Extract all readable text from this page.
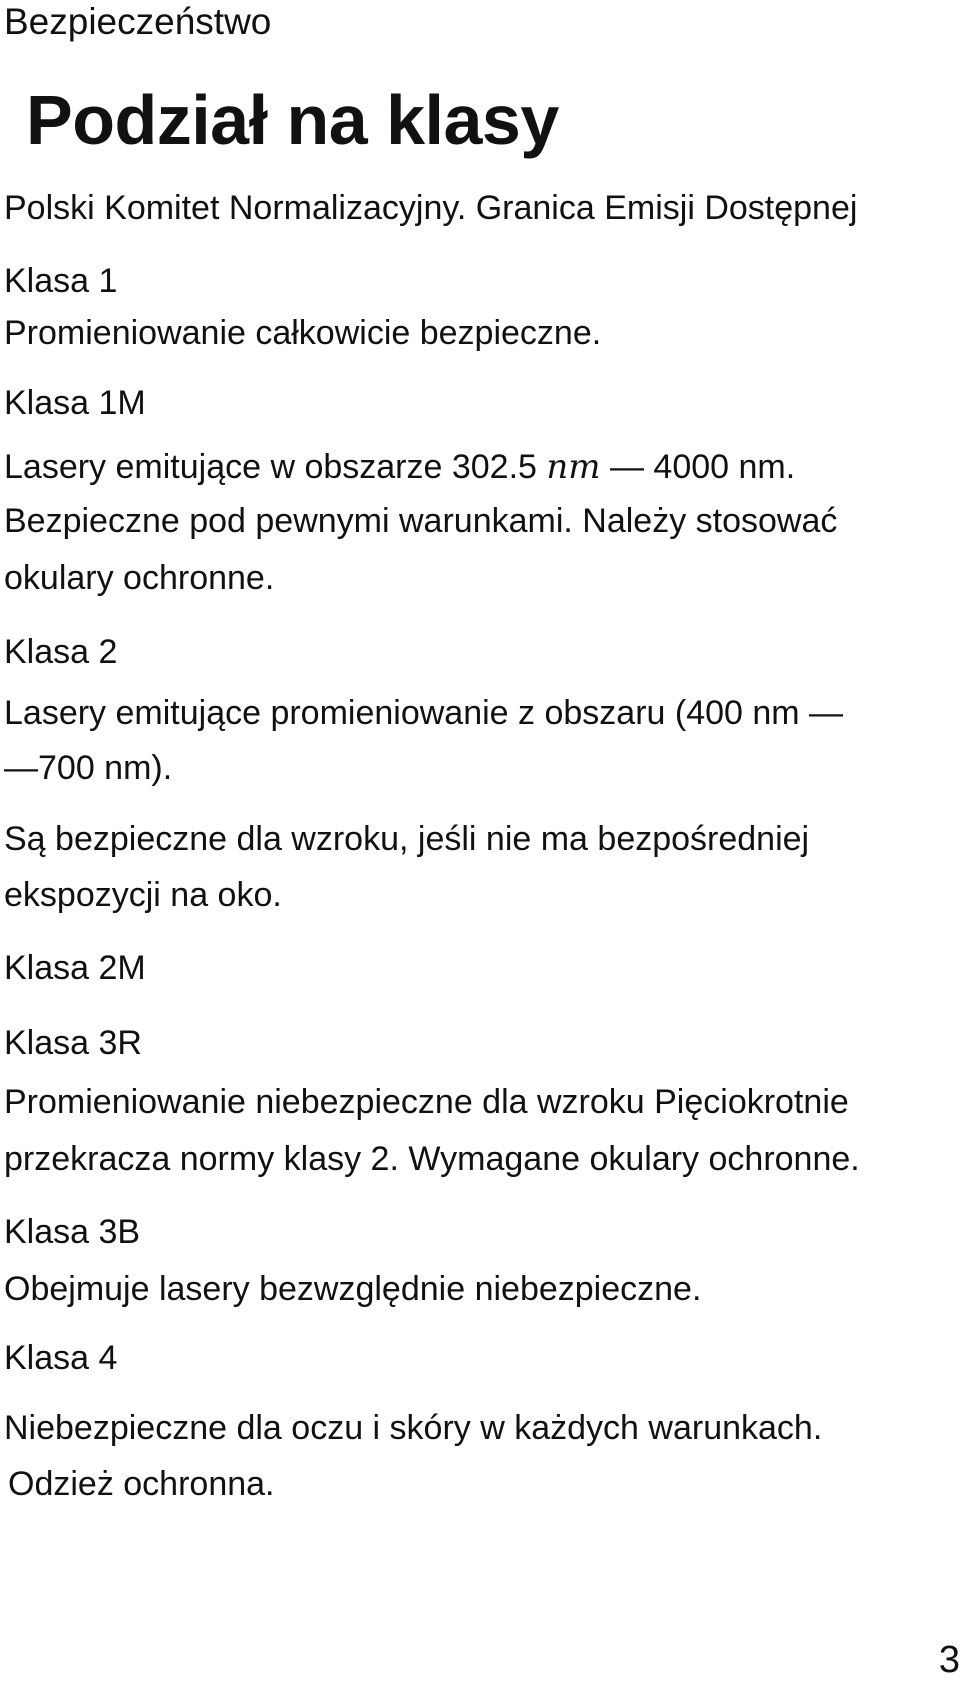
Bezpieczeństwo
Podział na klasy
Polski Komitet Normalizacyjny. Granica Emisji Dostępnej
Klasa 1
Promieniowanie całkowicie bezpieczne.
Klasa 1M
Lasery emitujące w obszarze 302.5 nm — 4000 nm.
Bezpieczne pod pewnymi warunkami. Należy stosować
okulary ochronne.
Klasa 2
Lasery emitujące promieniowanie z obszaru (400 nm —
—700 nm).
Są bezpieczne dla wzroku, jeśli nie ma bezpośredniej
ekspozycji na oko.
Klasa 2M
Klasa 3R
Promieniowanie niebezpieczne dla wzroku Pięciokrotnie
przekracza normy klasy 2. Wymagane okulary ochronne.
Klasa 3B
Obejmuje lasery bezwzględnie niebezpieczne.
Klasa 4
Niebezpieczne dla oczu i skóry w każdych warunkach.
Odzież ochronna.
3
